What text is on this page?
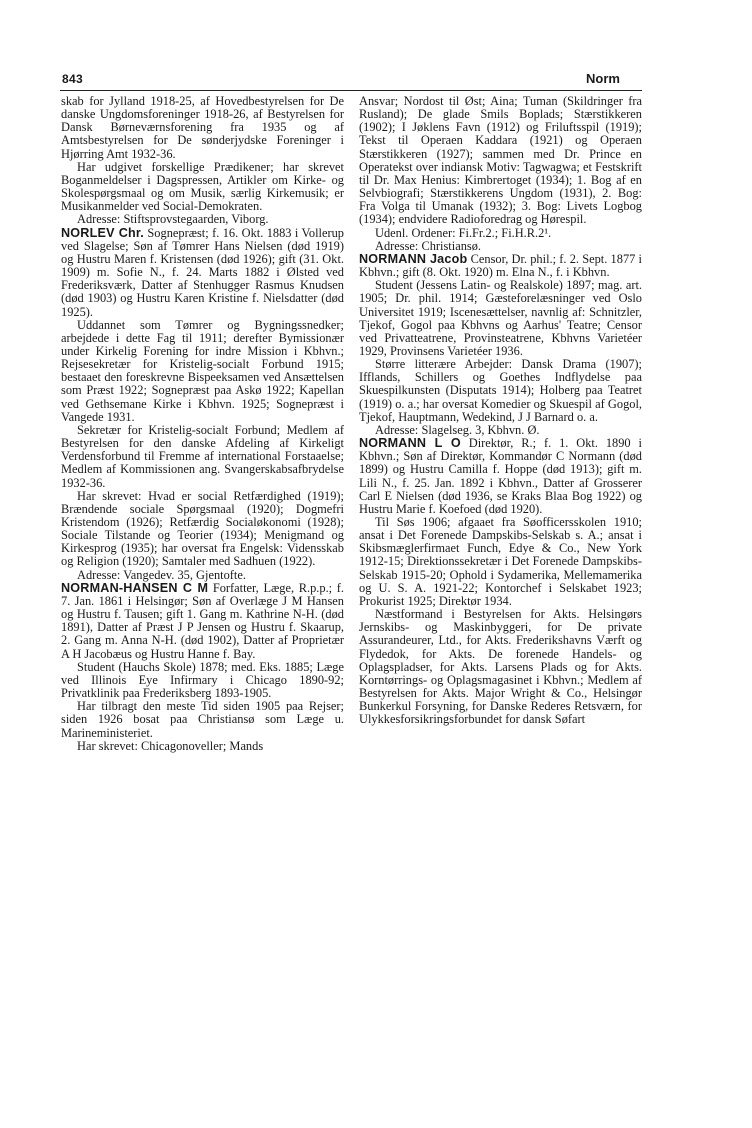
843	Norm

skab for Jylland 1918-25, af Hovedbestyrelsen for De danske Ungdomsforeninger 1918-26, af Bestyrelsen for Dansk Børneværnsforening fra 1935 og af Amtsbestyrelsen for De sønderjydske Foreninger i Hjørring Amt 1932-36.

Har udgivet forskellige Prædikener; har skrevet Boganmeldelser i Dagspressen, Artikler om Kirke- og Skolespørgsmaal og om Musik, særlig Kirkemusik; er Musikanmelder ved Social-Demokraten.

Adresse: Stiftsprovstegaarden, Viborg.

NORLEV Chr. Sognepræst; f. 16. Okt. 1883 i Vollerup ved Slagelse; Søn af Tømrer Hans Nielsen (død 1919) og Hustru Maren f. Kristensen (død 1926); gift (31. Okt. 1909) m. Sofie N., f. 24. Marts 1882 i Ølsted ved Frederiksværk, Datter af Stenhugger Rasmus Knudsen (død 1903) og Hustru Karen Kristine f. Nielsdatter (død 1925).

Uddannet som Tømrer og Bygningssnedker; arbejdede i dette Fag til 1911; derefter Bymissionær under Kirkelig Forening for indre Mission i Kbhvn.; Rejsesekretær for Kristelig-socialt Forbund 1915; bestaaet den foreskrevne Bispeeksamen ved Ansættelsen som Præst 1922; Sognepræst paa Askø 1922; Kapellan ved Gethsemane Kirke i Kbhvn. 1925; Sognepræst i Vangede 1931.

Sekretær for Kristelig-socialt Forbund; Medlem af Bestyrelsen for den danske Afdeling af Kirkeligt Verdensforbund til Fremme af international Forstaaelse; Medlem af Kommissionen ang. Svangerskabsafbrydelse 1932-36.

Har skrevet: Hvad er social Retfærdighed (1919); Brændende sociale Spørgsmaal (1920); Dogmefri Kristendom (1926); Retfærdig Socialøkonomi (1928); Sociale Tilstande og Teorier (1934); Menigmand og Kirkesprog (1935); har oversat fra Engelsk: Vidensskab og Religion (1920); Samtaler med Sadhuen (1922).

Adresse: Vangedev. 35, Gjentofte.

NORMAN-HANSEN C M Forfatter, Læge, R.p.p.; f. 7. Jan. 1861 i Helsingør; Søn af Overlæge J M Hansen og Hustru f. Tausen; gift 1. Gang m. Kathrine N-H. (død 1891), Datter af Præst J P Jensen og Hustru f. Skaarup, 2. Gang m. Anna N-H. (død 1902), Datter af Proprietær A H Jacobæus og Hustru Hanne f. Bay.

Student (Hauchs Skole) 1878; med. Eks. 1885; Læge ved Illinois Eye Infirmary i Chicago 1890-92; Privatklinik paa Frederiksberg 1893-1905.

Har tilbragt den meste Tid siden 1905 paa Rejser; siden 1926 bosat paa Christiansø som Læge u. Marineministeriet.

Har skrevet: Chicagonoveller; Mands

Ansvar; Nordost til Øst; Aina; Tuman (Skildringer fra Rusland); De glade Smils Boplads; Stærstikkeren (1902); I Jøklens Favn (1912) og Friluftsspil (1919); Tekst til Operaen Kaddara (1921) og Operaen Stærstikkeren (1927); sammen med Dr. Prince en Operatekst over indiansk Motiv: Tagwagwa; et Festskrift til Dr. Max Henius: Kimbrertoget (1934); 1. Bog af en Selvbiografi; Stærstikkerens Ungdom (1931), 2. Bog: Fra Volga til Umanak (1932); 3. Bog: Livets Logbog (1934); endvidere Radioforedrag og Hørespil.

Udenl. Ordener: Fi.Fr.2.; Fi.H.R.2¹.

Adresse: Christiansø.

NORMANN Jacob Censor, Dr. phil.; f. 2. Sept. 1877 i Kbhvn.; gift (8. Okt. 1920) m. Elna N., f. i Kbhvn.

Student (Jessens Latin- og Realskole) 1897; mag. art. 1905; Dr. phil. 1914; Gæsteforelæsninger ved Oslo Universitet 1919; Iscenesættelser, navnlig af: Schnitzler, Tjekof, Gogol paa Kbhvns og Aarhus' Teatre; Censor ved Privatteatrene, Provinsteatrene, Kbhvns Varietéer 1929, Provinsens Varietéer 1936.

Større litterære Arbejder: Dansk Drama (1907); Ifflands, Schillers og Goethes Indflydelse paa Skuespilkunsten (Disputats 1914); Holberg paa Teatret (1919) o. a.; har oversat Komedier og Skuespil af Gogol, Tjekof, Hauptmann, Wedekind, J J Barnard o. a.

Adresse: Slagelseg. 3, Kbhvn. Ø.

NORMANN L O Direktør, R.; f. 1. Okt. 1890 i Kbhvn.; Søn af Direktør, Kommandør C Normann (død 1899) og Hustru Camilla f. Hoppe (død 1913); gift m. Lili N., f. 25. Jan. 1892 i Kbhvn., Datter af Grosserer Carl E Nielsen (død 1936, se Kraks Blaa Bog 1922) og Hustru Marie f. Koefoed (død 1920).

Til Søs 1906; afgaaet fra Søofficersskolen 1910; ansat i Det Forenede Dampskibs-Selskab s. A.; ansat i Skibsmæglerfirmaet Funch, Edye & Co., New York 1912-15; Direktionssekretær i Det Forenede Dampskibs-Selskab 1915-20; Ophold i Sydamerika, Mellemamerika og U. S. A. 1921-22; Kontorchef i Selskabet 1923; Prokurist 1925; Direktør 1934.

Næstformand i Bestyrelsen for Akts. Helsingørs Jernskibs- og Maskinbyggeri, for De private Assurandeurer, Ltd., for Akts. Frederikshavns Værft og Flydedok, for Akts. De forenede Handels- og Oplagspladser, for Akts. Larsens Plads og for Akts. Korntørrings- og Oplagsmagasinet i Kbhvn.; Medlem af Bestyrelsen for Akts. Major Wright & Co., Helsingør Bunkerkul Forsyning, for Danske Rederes Retsværn, for Ulykkesforsikringsforbundet for dansk Søfart
